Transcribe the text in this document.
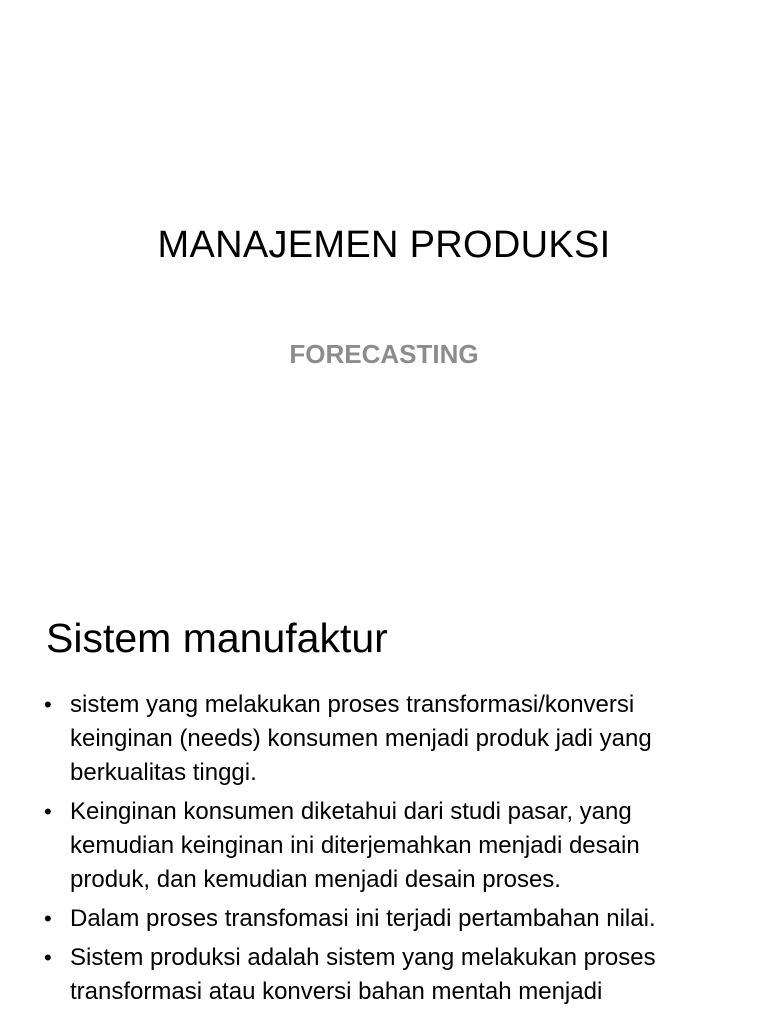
MANAJEMEN PRODUKSI
FORECASTING
Sistem manufaktur
• sistem yang melakukan proses transformasi/konversi keinginan (needs) konsumen menjadi produk jadi yang berkualitas tinggi.
• Keinginan konsumen diketahui dari studi pasar, yang kemudian keinginan ini diterjemahkan menjadi desain produk, dan kemudian menjadi desain proses.
• Dalam proses transfomasi ini terjadi pertambahan nilai.
• Sistem produksi adalah sistem yang melakukan proses transformasi atau konversi bahan mentah menjadi
